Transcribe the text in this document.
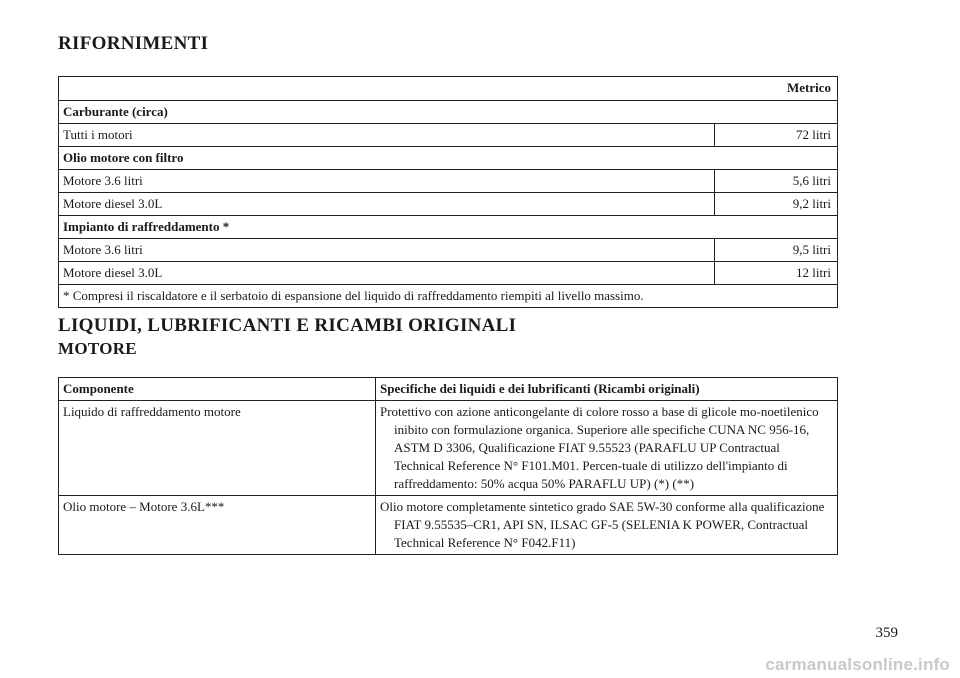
RIFORNIMENTI
	Metrico
Carburante (circa)	
Tutti i motori	72 litri
Olio motore con filtro	
Motore 3.6 litri	5,6 litri
Motore diesel 3.0L	9,2 litri
Impianto di raffreddamento *	
Motore 3.6 litri	9,5 litri
Motore diesel 3.0L	12 litri
* Compresi il riscaldatore e il serbatoio di espansione del liquido di raffreddamento riempiti al livello massimo.	
LIQUIDI, LUBRIFICANTI E RICAMBI ORIGINALI
MOTORE
Componente	Specifiche dei liquidi e dei lubrificanti (Ricambi originali)
Liquido di raffreddamento motore	Protettivo con azione anticongelante di colore rosso a base di glicole mo-noetilenico inibito con formulazione organica. Superiore alle specifiche CUNA NC 956-16, ASTM D 3306, Qualificazione FIAT 9.55523 (PARAFLU UP Contractual Technical Reference N° F101.M01. Percen-tuale di utilizzo dell'impianto di raffreddamento: 50% acqua 50% PARAFLU UP) (*) (**)
Olio motore – Motore 3.6L***	Olio motore completamente sintetico grado SAE 5W-30 conforme alla qualificazione FIAT 9.55535–CR1, API SN, ILSAC GF-5 (SELENIA K POWER, Contractual Technical Reference N° F042.F11)
359
carmanualsonline.info
